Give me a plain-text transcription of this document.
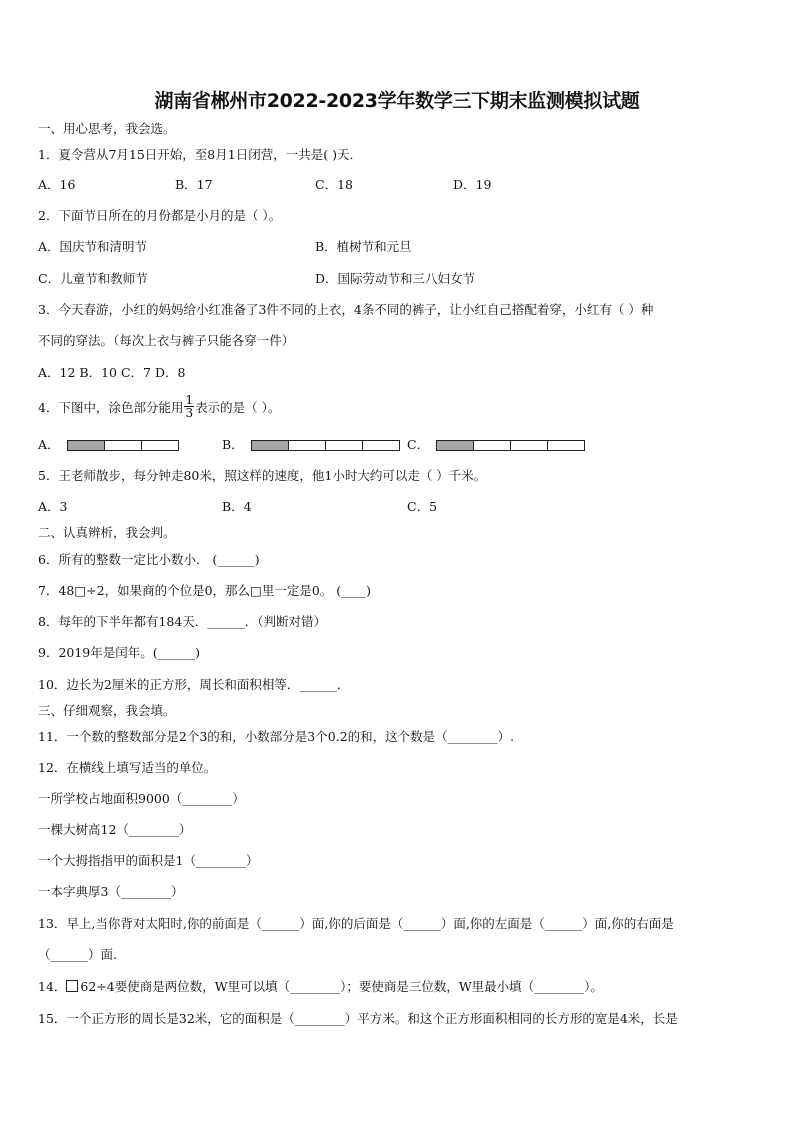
湖南省郴州市2022-2023学年数学三下期末监测模拟试题
一、用心思考，我会选。
1．夏令营从7月15日开始，至8月1日闭营，一共是( )天．
A．16	B．17	C．18	D．19
2．下面节日所在的月份都是小月的是（ ）。
A．国庆节和清明节	B．植树节和元旦
C．儿童节和教师节	D．国际劳动节和三八妇女节
3．今天春游，小红的妈妈给小红准备了3件不同的上衣，4条不同的裤子，让小红自己搭配着穿，小红有（ ）种
不同的穿法。（每次上衣与裤子只能各穿一件）
A．12 B．10 C．7 D．8
4．下图中，涂色部分能用 $\frac{1}{3}$ 表示的是（ ）。
A．	B．	C．
5．王老师散步，每分钟走80米，照这样的速度，他1小时大约可以走（ ）千米。
A．3	B．4	C．5
二、认真辨析，我会判。
6．所有的整数一定比小数小． (______)
7．48□÷2，如果商的个位是0，那么□里一定是0。 (____)
8．每年的下半年都有184天．______．（判断对错）
9．2019年是闰年。(______)
10．边长为2厘米的正方形，周长和面积相等．______．
三、仔细观察，我会填。
11．一个数的整数部分是2个3的和，小数部分是3个0.2的和，这个数是（________）.
12．在横线上填写适当的单位。
一所学校占地面积9000（________）
一棵大树高12（________）
一个大拇指指甲的面积是1（________）
一本字典厚3（________）
13．早上,当你背对太阳时,你的前面是（______）面,你的后面是（______）面,你的左面是（______）面,你的右面是
（______）面.
14． 62÷4要使商是两位数，W里可以填（________）；要使商是三位数，W里最小填（________）。
15．一个正方形的周长是32米，它的面积是（________）平方米。和这个正方形面积相同的长方形的宽是4米，长是
